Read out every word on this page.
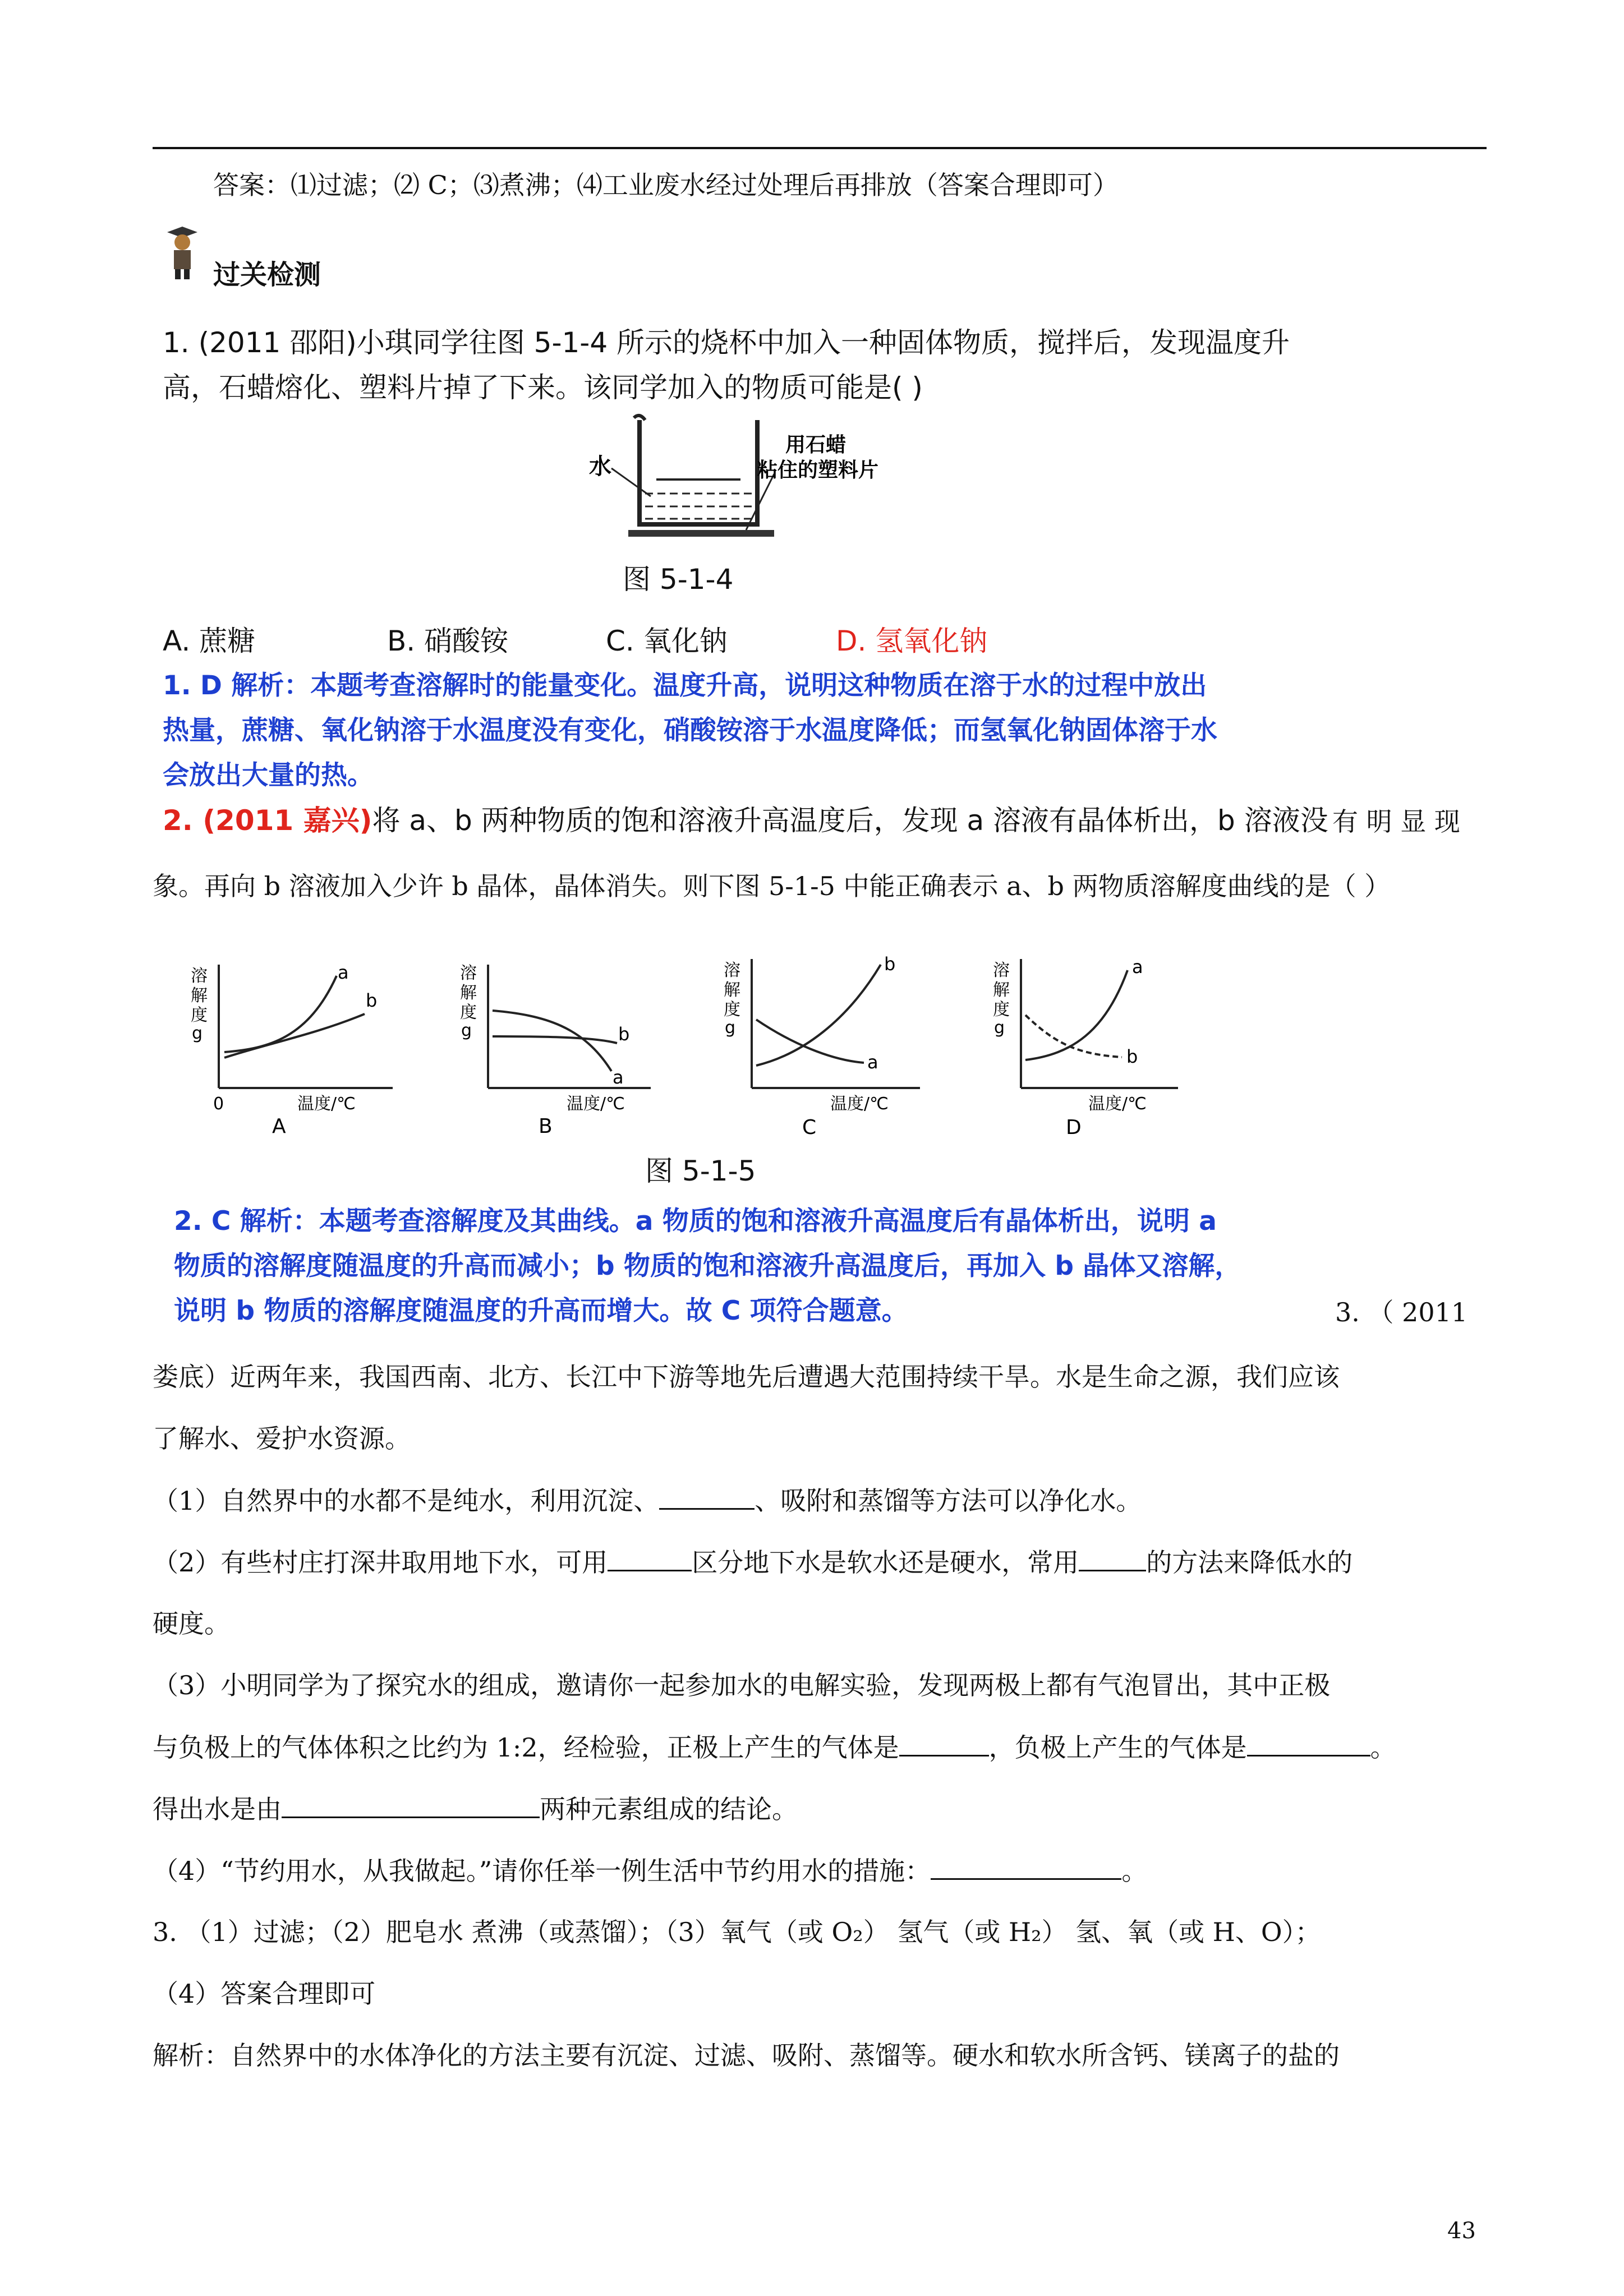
答案：⑴过滤；⑵ C；⑶煮沸；⑷工业废水经过处理后再排放（答案合理即可）
过关检测
1. (2011 邵阳)小琪同学往图 5-1-4 所示的烧杯中加入一种固体物质，搅拌后，发现温度升
高，石蜡熔化、塑料片掉了下来。该同学加入的物质可能是( )
水
用石蜡
粘住的塑料片
图 5-1-4
A. 蔗糖	B. 硝酸铵	C. 氧化钠	D. 氢氧化钠
1. D 解析：本题考查溶解时的能量变化。温度升高，说明这种物质在溶于水的过程中放出
热量，蔗糖、氧化钠溶于水温度没有变化，硝酸铵溶于水温度降低；而氢氧化钠固体溶于水
会放出大量的热。
2. (2011 嘉兴)将 a、b 两种物质的饱和溶液升高温度后，发现 a 溶液有晶体析出，b 溶液没 有 明 显 现
象。再向 b 溶液加入少许 b 晶体，晶体消失。则下图 5-1-5 中能正确表示 a、b 两物质溶解度曲线的是（ ）
溶
解
度
g
0	温度/℃
a
b
A
溶
解
度
g
温度/℃
a
b
B
溶
解
度
g
温度/℃
b
a
C
溶
解
度
g
温度/℃
a
b
D
图 5-1-5
2. C 解析：本题考查溶解度及其曲线。a 物质的饱和溶液升高温度后有晶体析出，说明 a
物质的溶解度随温度的升高而减小；b 物质的饱和溶液升高温度后，再加入 b 晶体又溶解，
说明 b 物质的溶解度随温度的升高而增大。故 C 项符合题意。	3. （ 2011
娄底）近两年来，我国西南、北方、长江中下游等地先后遭遇大范围持续干旱。水是生命之源，我们应该
了解水、爱护水资源。
（1）自然界中的水都不是纯水，利用沉淀、	、吸附和蒸馏等方法可以净化水。
（2）有些村庄打深井取用地下水，可用	区分地下水是软水还是硬水，常用	的方法来降低水的
硬度。
（3）小明同学为了探究水的组成，邀请你一起参加水的电解实验，发现两极上都有气泡冒出，其中正极
与负极上的气体体积之比约为 1:2，经检验，正极上产生的气体是	，负极上产生的气体是	。
得出水是由	两种元素组成的结论。
（4）“节约用水，从我做起。”请你任举一例生活中节约用水的措施：	。
3. （1）过滤；（2）肥皂水 煮沸（或蒸馏）；（3）氧气（或 O₂） 氢气（或 H₂） 氢、氧（或 H、O）；
（4）答案合理即可
解析：自然界中的水体净化的方法主要有沉淀、过滤、吸附、蒸馏等。硬水和软水所含钙、镁离子的盐的
43
